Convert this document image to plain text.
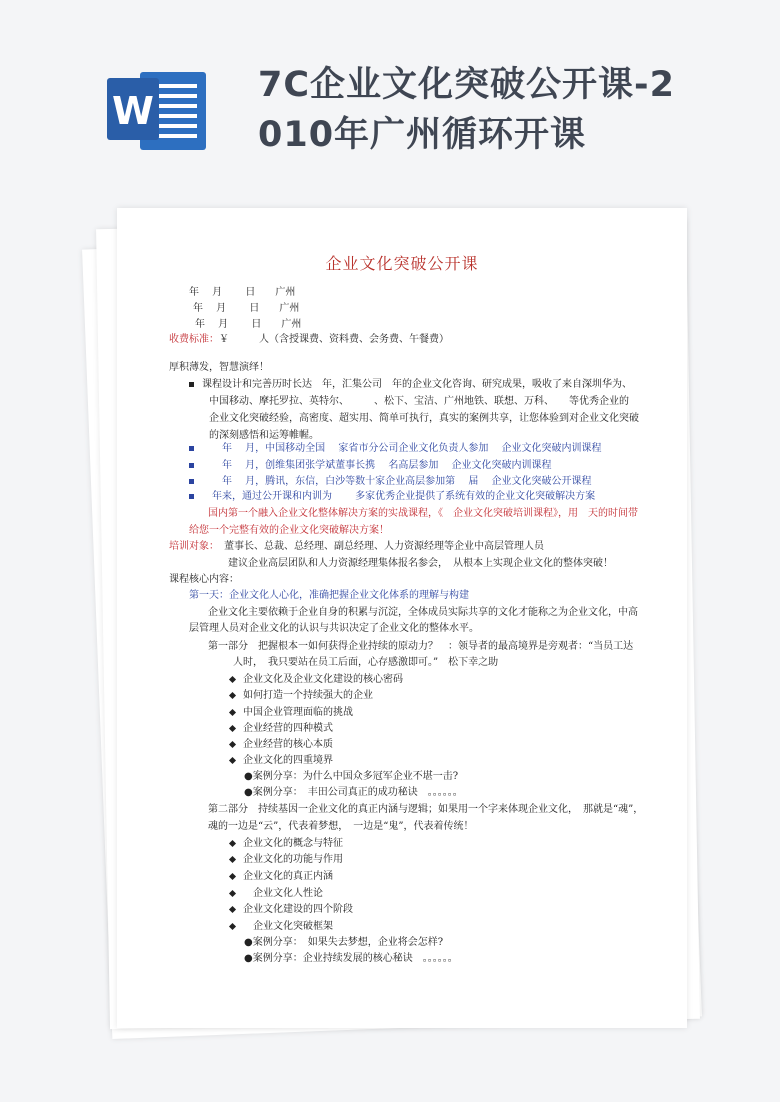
W
7C企业文化突破公开课-2
010年广州循环开课
企业文化突破公开课
年　 月　　 日　　广州
年　 月　　 日　　广州
年　 月　　 日　　广州
收费标准：￥　　　人（含授课费、资料费、会务费、午餐费）
厚积薄发，智慧演绎！
课程设计和完善历时长达　年，汇集公司　年的企业文化咨询、研究成果，吸收了来自深圳华为、
中国移动、摩托罗拉、英特尔、　　　、松下、宝洁、广州地铁、联想、万科、　　等优秀企业的
企业文化突破经验，高密度、超实用、简单可执行，真实的案例共享，让您体验到对企业文化突破
的深刻感悟和运筹帷幄。
　　年　 月，中国移动全国　 家省市分公司企业文化负责人参加　 企业文化突破内训课程
　　年　 月，创维集团张学斌董事长携　 名高层参加　 企业文化突破内训课程
　　年　 月，腾讯，东信，白沙等数十家企业高层参加第　 届　 企业文化突破公开课程
　年来，通过公开课和内训为　　 多家优秀企业提供了系统有效的企业文化突破解决方案
国内第一个融入企业文化整体解决方案的实战课程，《　企业文化突破培训课程》，用　天的时间带
给您一个完整有效的企业文化突破解决方案！
培训对象：　 董事长、总裁、总经理、副总经理、人力资源经理等企业中高层管理人员
建议企业高层团队和人力资源经理集体报名参会，　从根本上实现企业文化的整体突破！
课程核心内容：
第一天：企业文化人心化，准确把握企业文化体系的理解与构建
企业文化主要依赖于企业自身的积累与沉淀，全体成员实际共享的文化才能称之为企业文化，中高
层管理人员对企业文化的认识与共识决定了企业文化的整体水平。
第一部分　把握根本一如何获得企业持续的原动力？　：领导者的最高境界是旁观者：“当员工达
人时，　我只要站在员工后面，心存感激即可。”　松下幸之助
企业文化及企业文化建设的核心密码
如何打造一个持续强大的企业
中国企业管理面临的挑战
企业经营的四种模式
企业经营的核心本质
企业文化的四重境界
●案例分享：为什么中国众多冠军企业不堪一击?
●案例分享：　丰田公司真正的成功秘诀　。。。。。。
第二部分　持续基因一企业文化的真正内涵与逻辑；如果用一个字来体现企业文化，　那就是“魂”，
魂的一边是“云”，代表着梦想，　一边是“鬼”，代表着传统！
企业文化的概念与特征
企业文化的功能与作用
企业文化的真正内涵
　企业文化人性论
企业文化建设的四个阶段
　企业文化突破框架
●案例分享：　如果失去梦想，企业将会怎样?
●案例分享：企业持续发展的核心秘诀　。。。。。。
